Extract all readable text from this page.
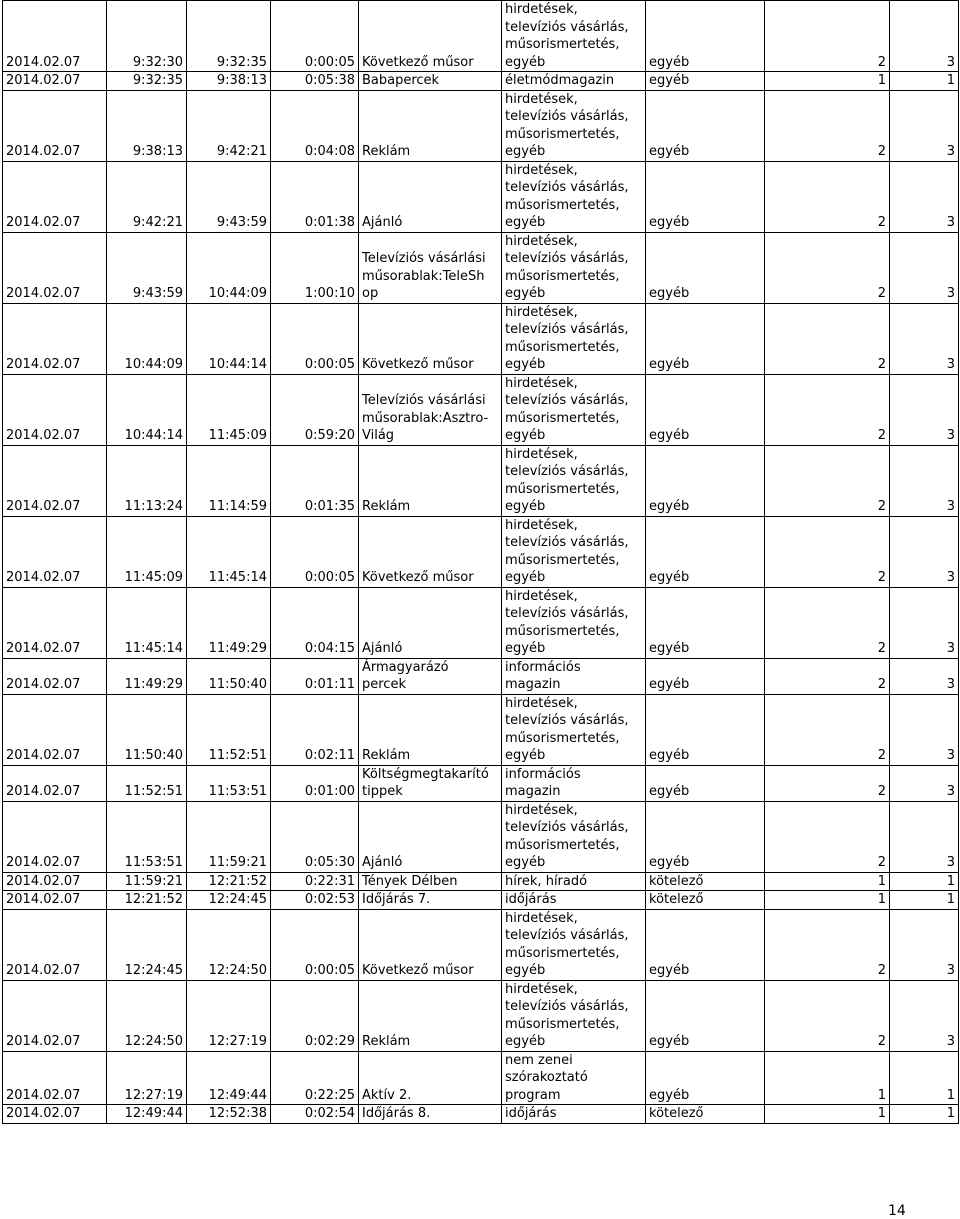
2014.02.07	9:32:30	9:32:35	0:00:05	Következő műsor	hirdetések,
televíziós vásárlás,
műsorismertetés,
egyéb	egyéb	2	3
2014.02.07	9:32:35	9:38:13	0:05:38	Babapercek	életmódmagazin	egyéb	1	1
2014.02.07	9:38:13	9:42:21	0:04:08	Reklám	hirdetések,
televíziós vásárlás,
műsorismertetés,
egyéb	egyéb	2	3
2014.02.07	9:42:21	9:43:59	0:01:38	Ajánló	hirdetések,
televíziós vásárlás,
műsorismertetés,
egyéb	egyéb	2	3
2014.02.07	9:43:59	10:44:09	1:00:10	Televíziós vásárlási
műsorablak:TeleSh
op	hirdetések,
televíziós vásárlás,
műsorismertetés,
egyéb	egyéb	2	3
2014.02.07	10:44:09	10:44:14	0:00:05	Következő műsor	hirdetések,
televíziós vásárlás,
műsorismertetés,
egyéb	egyéb	2	3
2014.02.07	10:44:14	11:45:09	0:59:20	Televíziós vásárlási
műsorablak:Asztro-
Világ	hirdetések,
televíziós vásárlás,
műsorismertetés,
egyéb	egyéb	2	3
2014.02.07	11:13:24	11:14:59	0:01:35	Reklám	hirdetések,
televíziós vásárlás,
műsorismertetés,
egyéb	egyéb	2	3
2014.02.07	11:45:09	11:45:14	0:00:05	Következő műsor	hirdetések,
televíziós vásárlás,
műsorismertetés,
egyéb	egyéb	2	3
2014.02.07	11:45:14	11:49:29	0:04:15	Ajánló	hirdetések,
televíziós vásárlás,
műsorismertetés,
egyéb	egyéb	2	3
2014.02.07	11:49:29	11:50:40	0:01:11	Ármagyarázó
percek	információs
magazin	egyéb	2	3
2014.02.07	11:50:40	11:52:51	0:02:11	Reklám	hirdetések,
televíziós vásárlás,
műsorismertetés,
egyéb	egyéb	2	3
2014.02.07	11:52:51	11:53:51	0:01:00	Költségmegtakarító
tippek	információs
magazin	egyéb	2	3
2014.02.07	11:53:51	11:59:21	0:05:30	Ajánló	hirdetések,
televíziós vásárlás,
műsorismertetés,
egyéb	egyéb	2	3
2014.02.07	11:59:21	12:21:52	0:22:31	Tények Délben	hírek, híradó	kötelező	1	1
2014.02.07	12:21:52	12:24:45	0:02:53	Időjárás 7.	időjárás	kötelező	1	1
2014.02.07	12:24:45	12:24:50	0:00:05	Következő műsor	hirdetések,
televíziós vásárlás,
műsorismertetés,
egyéb	egyéb	2	3
2014.02.07	12:24:50	12:27:19	0:02:29	Reklám	hirdetések,
televíziós vásárlás,
műsorismertetés,
egyéb	egyéb	2	3
2014.02.07	12:27:19	12:49:44	0:22:25	Aktív 2.	nem zenei
szórakoztató
program	egyéb	1	1
2014.02.07	12:49:44	12:52:38	0:02:54	Időjárás 8.	időjárás	kötelező	1	1
14
